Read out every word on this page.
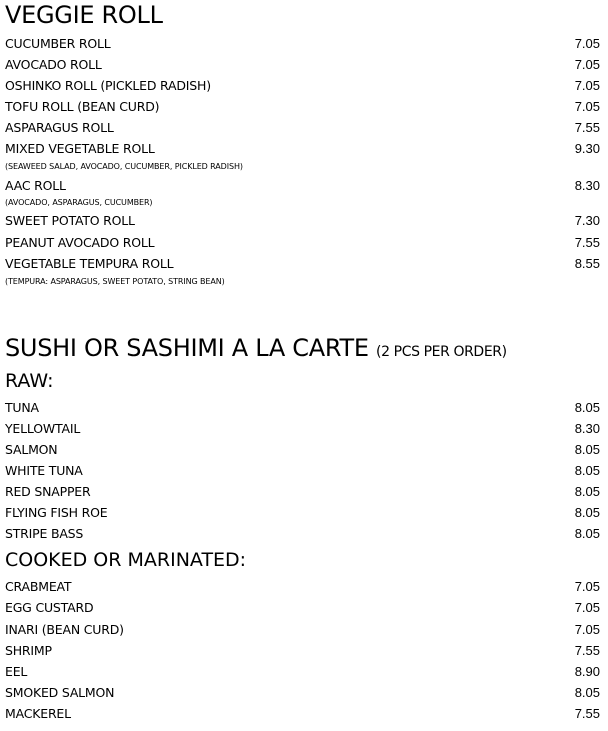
VEGGIE ROLL
CUCUMBER ROLL	7.05
AVOCADO ROLL	7.05
OSHINKO ROLL (PICKLED RADISH)	7.05
TOFU ROLL (BEAN CURD)	7.05
ASPARAGUS ROLL	7.55
MIXED VEGETABLE ROLL	9.30
(SEAWEED SALAD, AVOCADO, CUCUMBER, PICKLED RADISH)
AAC ROLL	8.30
(AVOCADO, ASPARAGUS, CUCUMBER)
SWEET POTATO ROLL	7.30
PEANUT AVOCADO ROLL	7.55
VEGETABLE TEMPURA ROLL	8.55
(TEMPURA: ASPARAGUS, SWEET POTATO, STRING BEAN)
SUSHI OR SASHIMI A LA CARTE (2 PCS PER ORDER)
RAW:
TUNA	8.05
YELLOWTAIL	8.30
SALMON	8.05
WHITE TUNA	8.05
RED SNAPPER	8.05
FLYING FISH ROE	8.05
STRIPE BASS	8.05
COOKED OR MARINATED:
CRABMEAT	7.05
EGG CUSTARD	7.05
INARI (BEAN CURD)	7.05
SHRIMP	7.55
EEL	8.90
SMOKED SALMON	8.05
MACKEREL	7.55
